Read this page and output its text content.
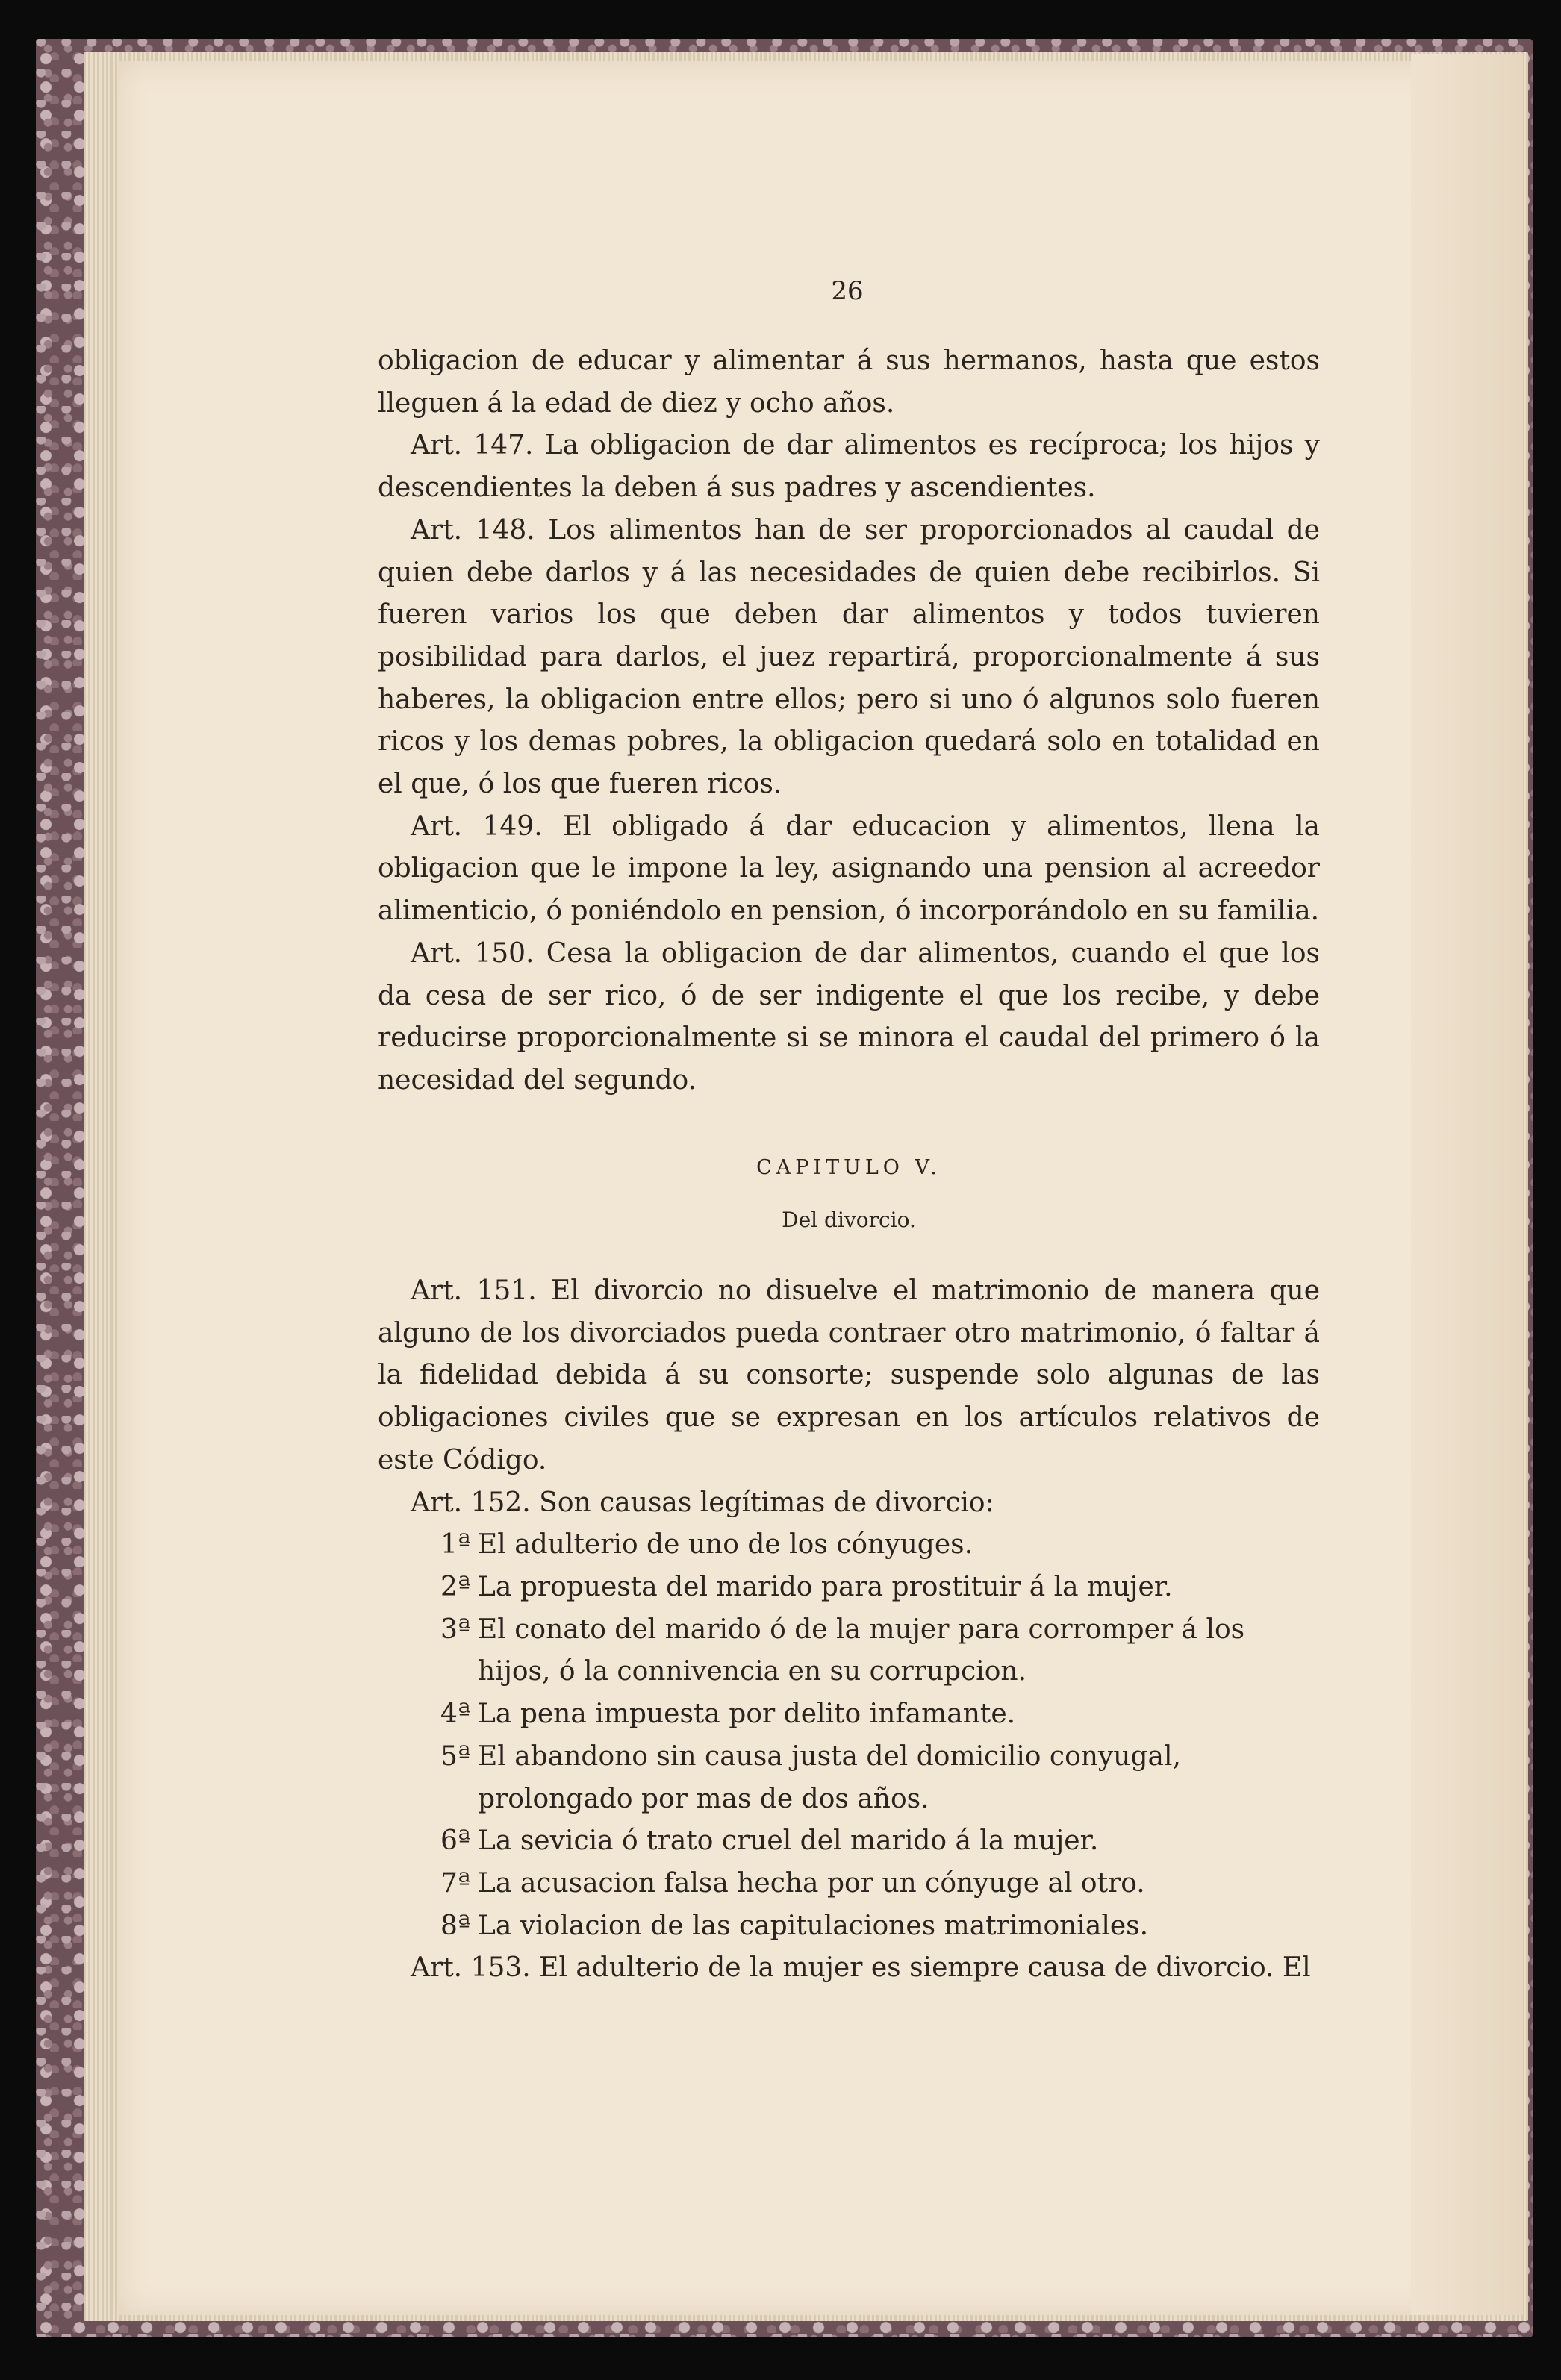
26

obligacion de educar y alimentar á sus hermanos, hasta que estos lleguen á la edad de diez y ocho años.

Art. 147. La obligacion de dar alimentos es recíproca; los hijos y descendientes la deben á sus padres y ascendientes.

Art. 148. Los alimentos han de ser proporcionados al caudal de quien debe darlos y á las necesidades de quien debe recibirlos. Si fueren varios los que deben dar alimentos y todos tuvieren posibilidad para darlos, el juez repartirá, proporcionalmente á sus haberes, la obligacion entre ellos; pero si uno ó algunos solo fueren ricos y los demas pobres, la obligacion quedará solo en totalidad en el que, ó los que fueren ricos.

Art. 149. El obligado á dar educacion y alimentos, llena la obligacion que le impone la ley, asignando una pension al acreedor alimenticio, ó poniéndolo en pension, ó incorporándolo en su familia.

Art. 150. Cesa la obligacion de dar alimentos, cuando el que los da cesa de ser rico, ó de ser indigente el que los recibe, y debe reducirse proporcionalmente si se minora el caudal del primero ó la necesidad del segundo.

CAPITULO V.

Del divorcio.

Art. 151. El divorcio no disuelve el matrimonio de manera que alguno de los divorciados pueda contraer otro matrimonio, ó faltar á la fidelidad debida á su consorte; suspende solo algunas de las obligaciones civiles que se expresan en los artículos relativos de este Código.

Art. 152. Son causas legítimas de divorcio:

1ª El adulterio de uno de los cónyuges.

2ª La propuesta del marido para prostituir á la mujer.

3ª El conato del marido ó de la mujer para corromper á los hijos, ó la connivencia en su corrupcion.

4ª La pena impuesta por delito infamante.

5ª El abandono sin causa justa del domicilio conyugal, prolongado por mas de dos años.

6ª La sevicia ó trato cruel del marido á la mujer.

7ª La acusacion falsa hecha por un cónyuge al otro.

8ª La violacion de las capitulaciones matrimoniales.

Art. 153. El adulterio de la mujer es siempre causa de divorcio. El
